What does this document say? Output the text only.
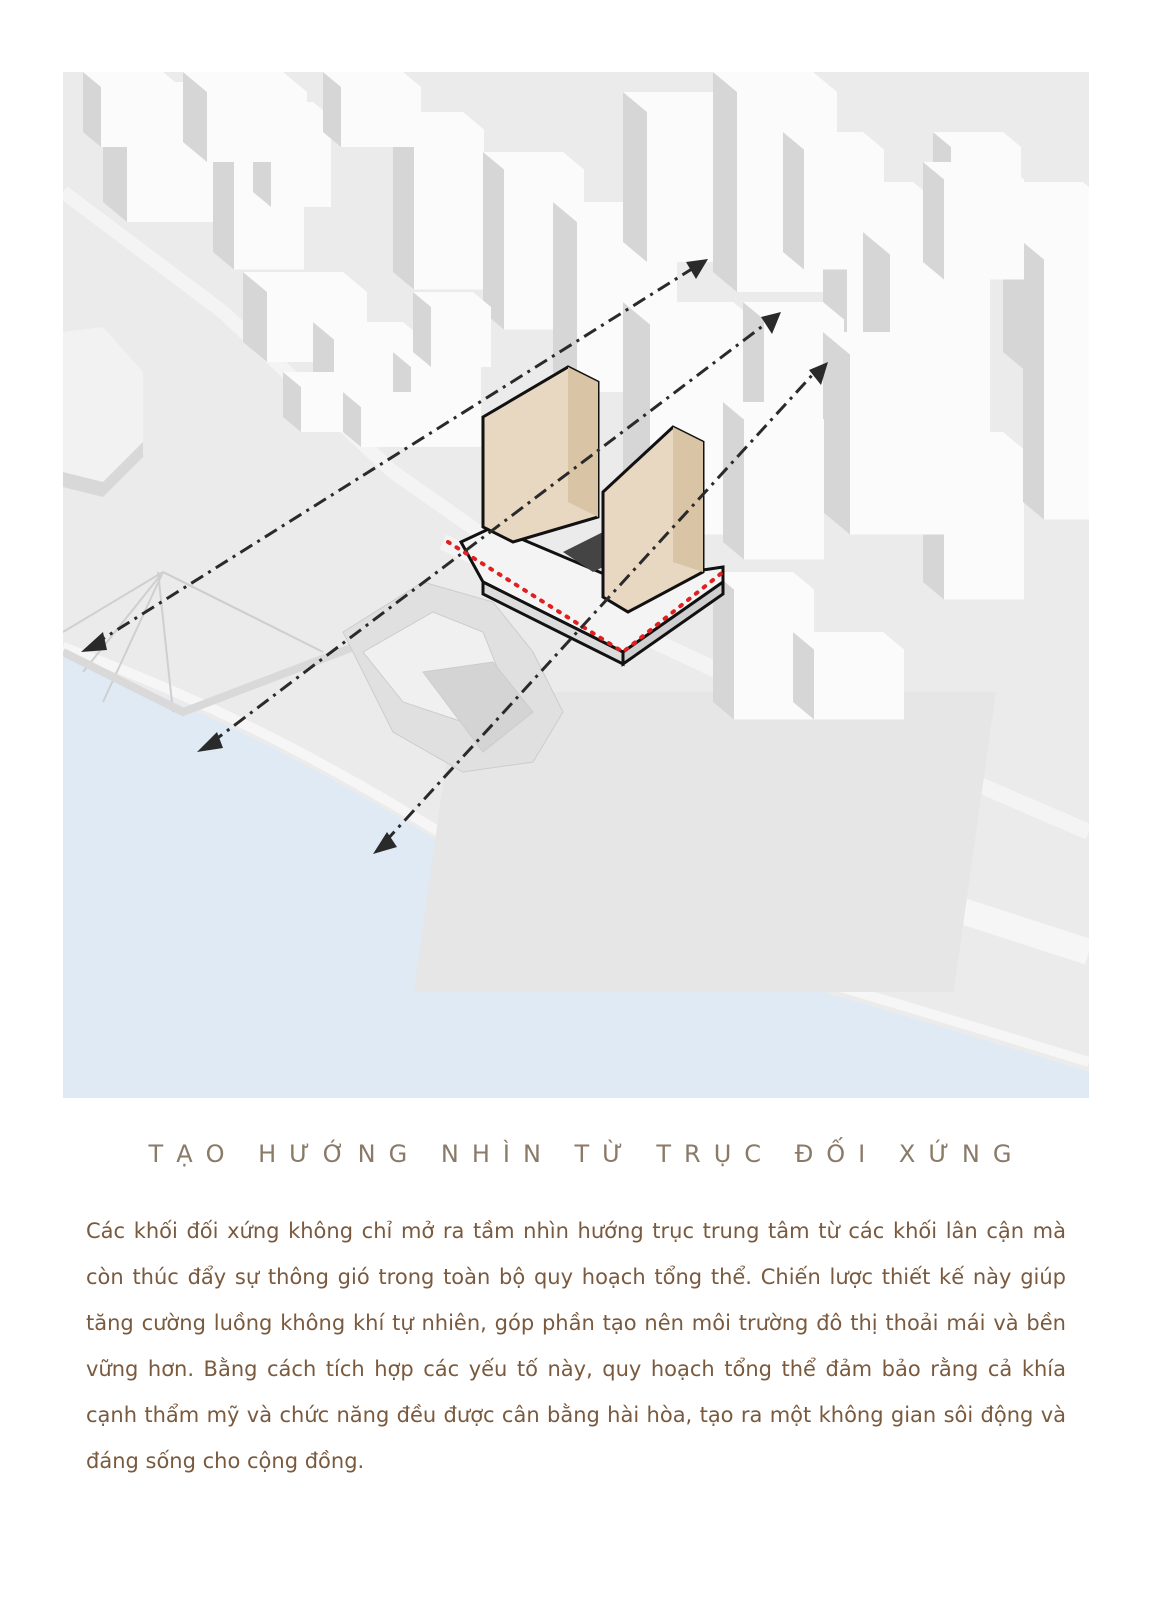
TẠO HƯỚNG NHÌN TỪ TRỤC ĐỐI XỨNG

Các khối đối xứng không chỉ mở ra tầm nhìn hướng trục trung tâm từ các khối lân cận mà còn thúc đẩy sự thông gió trong toàn bộ quy hoạch tổng thể. Chiến lược thiết kế này giúp tăng cường luồng không khí tự nhiên, góp phần tạo nên môi trường đô thị thoải mái và bền vững hơn. Bằng cách tích hợp các yếu tố này, quy hoạch tổng thể đảm bảo rằng cả khía cạnh thẩm mỹ và chức năng đều được cân bằng hài hòa, tạo ra một không gian sôi động và đáng sống cho cộng đồng.
